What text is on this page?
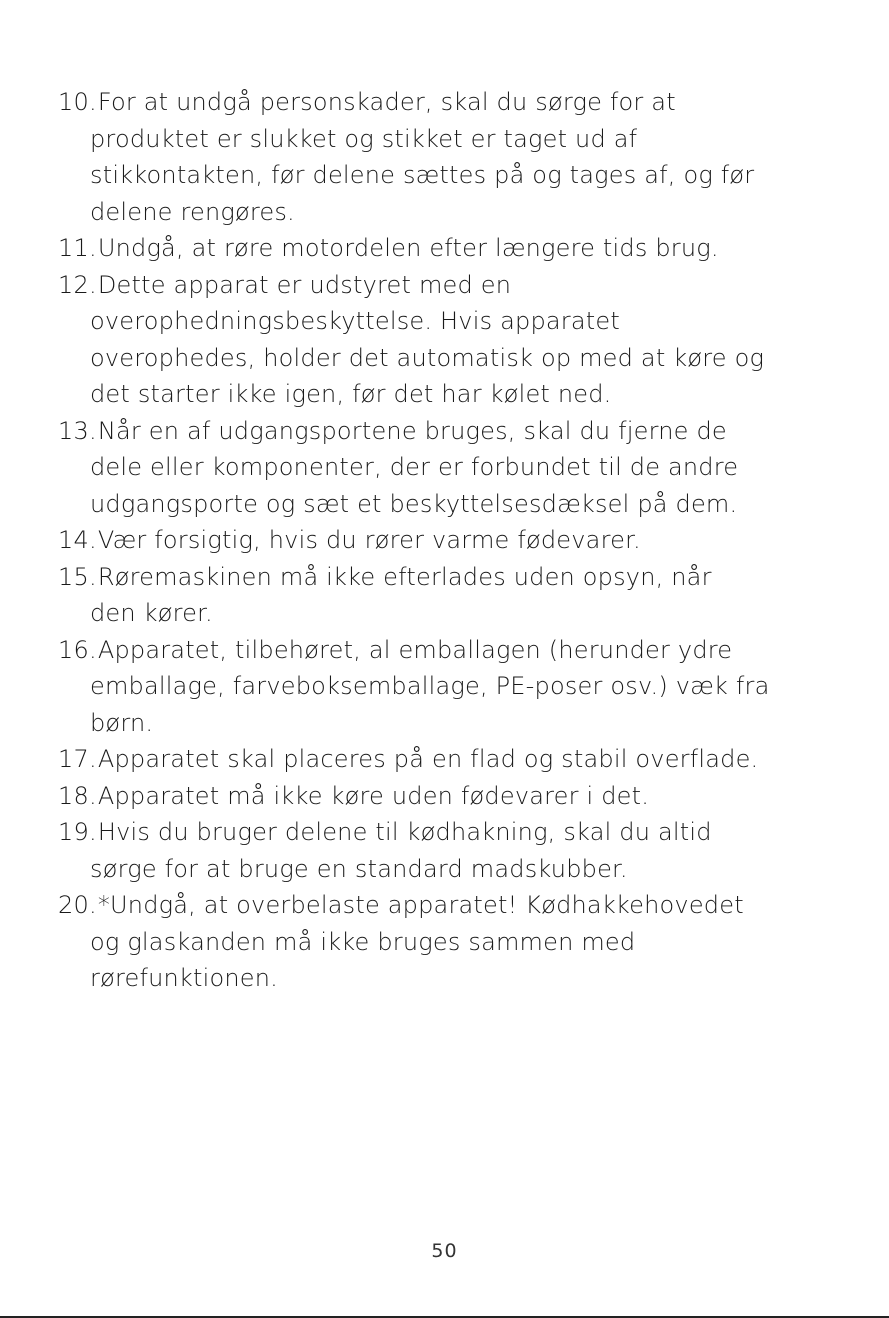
10.
For at undgå personskader, skal du sørge for at
produktet er slukket og stikket er taget ud af
stikkontakten, før delene sættes på og tages af, og før
delene rengøres.
11.
Undgå, at røre motordelen efter længere tids brug.
12.
Dette apparat er udstyret med en
overophedningsbeskyttelse. Hvis apparatet
overophedes, holder det automatisk op med at køre og
det starter ikke igen, før det har kølet ned.
13.
Når en af udgangsportene bruges, skal du fjerne de
dele eller komponenter, der er forbundet til de andre
udgangsporte og sæt et beskyttelsesdæksel på dem.
14.
Vær forsigtig, hvis du rører varme fødevarer.
15.
Røremaskinen må ikke efterlades uden opsyn, når
den kører.
16.
Apparatet, tilbehøret, al emballagen (herunder ydre
emballage, farveboksemballage, PE-poser osv.) væk fra
børn.
17.
Apparatet skal placeres på en flad og stabil overflade.
18.
Apparatet må ikke køre uden fødevarer i det.
19.
Hvis du bruger delene til kødhakning, skal du altid
sørge for at bruge en standard madskubber.
20.
*Undgå, at overbelaste apparatet! Kødhakkehovedet
og glaskanden må ikke bruges sammen med
rørefunktionen.
50
